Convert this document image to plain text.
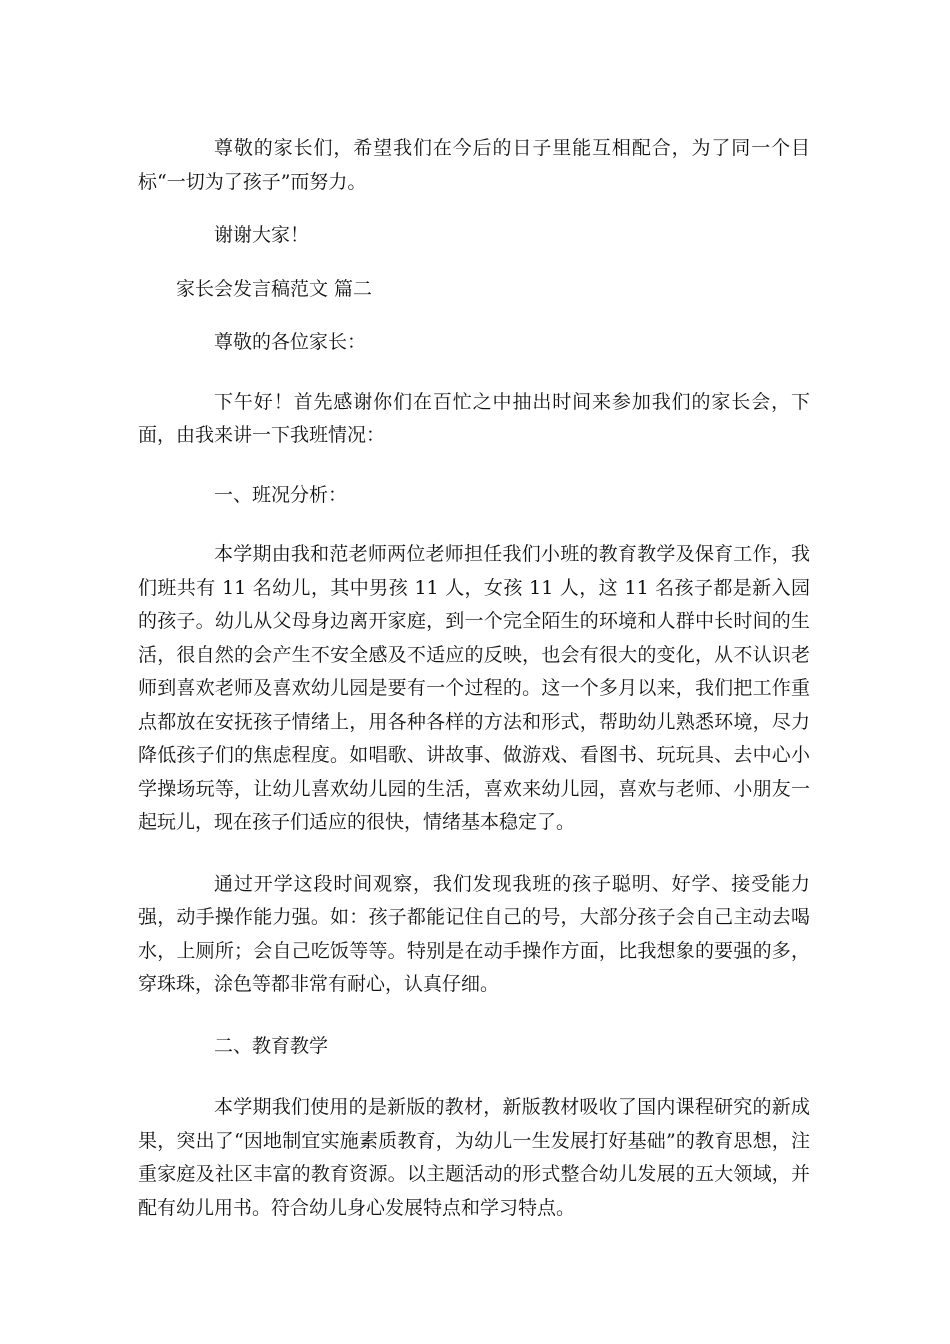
尊敬的家长们，希望我们在今后的日子里能互相配合，为了同一个目标“一切为了孩子”而努力。

谢谢大家！

家长会发言稿范文 篇二

尊敬的各位家长：

下午好！首先感谢你们在百忙之中抽出时间来参加我们的家长会，下面，由我来讲一下我班情况：

一、班况分析：

本学期由我和范老师两位老师担任我们小班的教育教学及保育工作，我们班共有 11 名幼儿，其中男孩 11 人，女孩 11 人，这 11 名孩子都是新入园的孩子。幼儿从父母身边离开家庭，到一个完全陌生的环境和人群中长时间的生活，很自然的会产生不安全感及不适应的反映，也会有很大的变化，从不认识老师到喜欢老师及喜欢幼儿园是要有一个过程的。这一个多月以来，我们把工作重点都放在安抚孩子情绪上，用各种各样的方法和形式，帮助幼儿熟悉环境，尽力降低孩子们的焦虑程度。如唱歌、讲故事、做游戏、看图书、玩玩具、去中心小学操场玩等，让幼儿喜欢幼儿园的生活，喜欢来幼儿园，喜欢与老师、小朋友一起玩儿，现在孩子们适应的很快，情绪基本稳定了。

通过开学这段时间观察，我们发现我班的孩子聪明、好学、接受能力强，动手操作能力强。如：孩子都能记住自己的号，大部分孩子会自己主动去喝水，上厕所；会自己吃饭等等。特别是在动手操作方面，比我想象的要强的多，穿珠珠，涂色等都非常有耐心，认真仔细。

二、教育教学

本学期我们使用的是新版的教材，新版教材吸收了国内课程研究的新成果，突出了“因地制宜实施素质教育，为幼儿一生发展打好基础”的教育思想，注重家庭及社区丰富的教育资源。以主题活动的形式整合幼儿发展的五大领域，并配有幼儿用书。符合幼儿身心发展特点和学习特点。
